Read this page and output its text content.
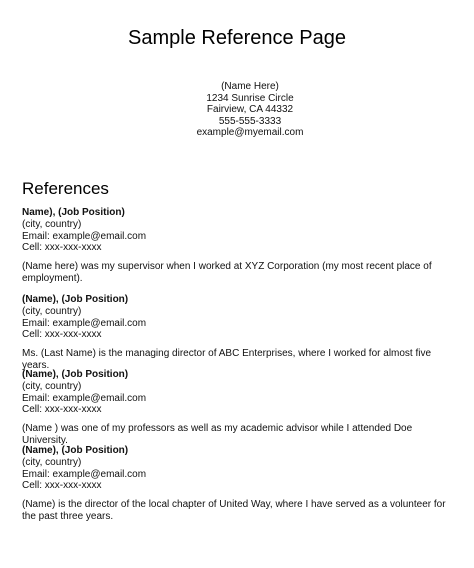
Sample Reference Page
(Name Here)
1234 Sunrise Circle
Fairview, CA 44332
555-555-3333
example@myemail.com
References
Name), (Job Position)
(city, country)
Email: example@email.com
Cell: xxx-xxx-xxxx
(Name here) was my supervisor when I worked at XYZ Corporation (my most recent place of employment).
(Name), (Job Position)
(city, country)
Email: example@email.com
Cell: xxx-xxx-xxxx
Ms. (Last Name) is the managing director of ABC Enterprises, where I worked for almost five years.
(Name), (Job Position)
(city, country)
Email: example@email.com
Cell: xxx-xxx-xxxx
(Name ) was one of my professors as well as my academic advisor while I attended Doe University.
(Name), (Job Position)
(city, country)
Email: example@email.com
Cell: xxx-xxx-xxxx
(Name) is the director of the local chapter of United Way, where I have served as a volunteer for the past three years.
